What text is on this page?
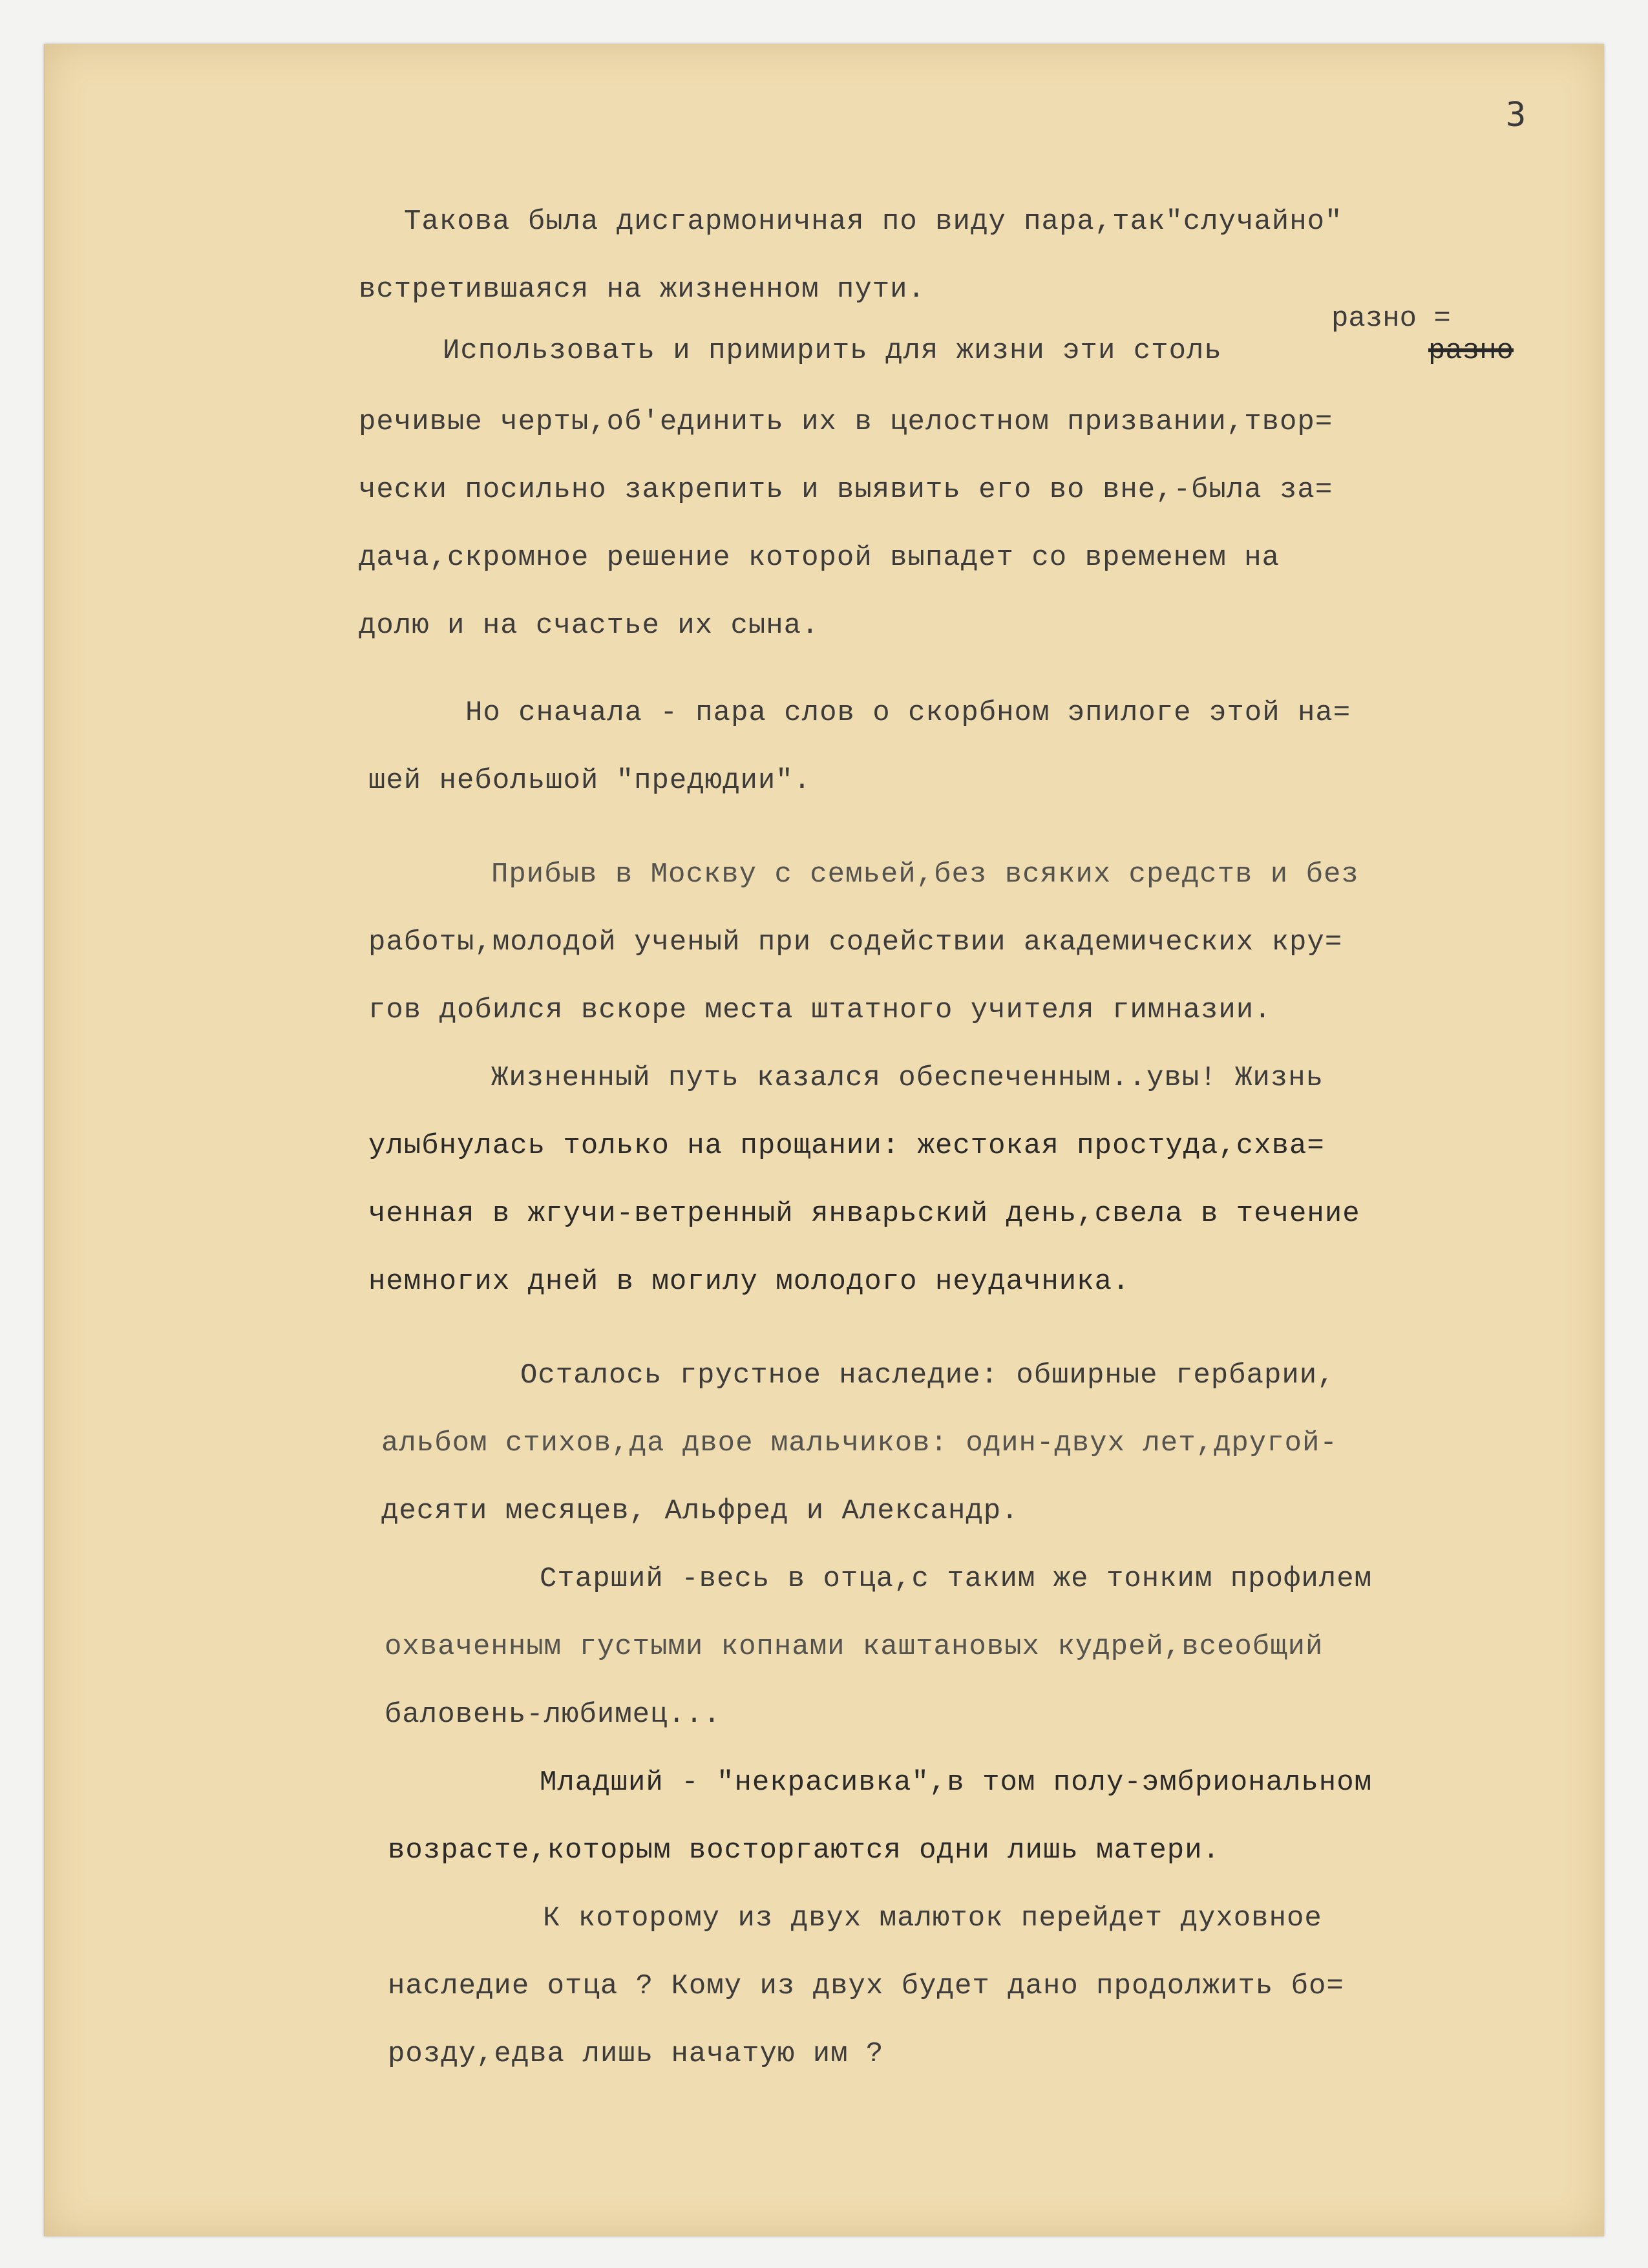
3
Такова была дисгармоничная по виду пара,так"случайно"
встретившаяся на жизненном пути.
разно =
Использовать и примирить для жизни эти столь	разно
речивые черты,об'единить их в целостном призвании,твор=
чески посильно закрепить и выявить его во вне,-была за=
дача,скромное решение которой выпадет со временем на
долю и на счастье их сына.
Но сначала - пара слов о скорбном эпилоге этой на=
шей небольшой "предюдии".
Прибыв в Москву с семьей,без всяких средств и без
работы,молодой ученый при содействии академических кру=
гов добился вскоре места штатного учителя гимназии.
Жизненный путь казался обеспеченным..увы! Жизнь
улыбнулась только на прощании: жестокая простуда,схва=
ченная в жгучи-ветренный январьский день,свела в течение
немногих дней в могилу молодого неудачника.
Осталось грустное наследие: обширные гербарии,
альбом стихов,да двое мальчиков: один-двух лет,другой-
десяти месяцев, Альфред и Александр.
Старший -весь в отца,с таким же тонким профилем
охваченным густыми копнами каштановых кудрей,всеобщий
баловень-любимец...
Младший - "некрасивка",в том полу-эмбриональном
возрасте,которым восторгаются одни лишь матери.
К которому из двух малюток перейдет духовное
наследие отца ? Кому из двух будет дано продолжить бо=
розду,едва лишь начатую им ?
